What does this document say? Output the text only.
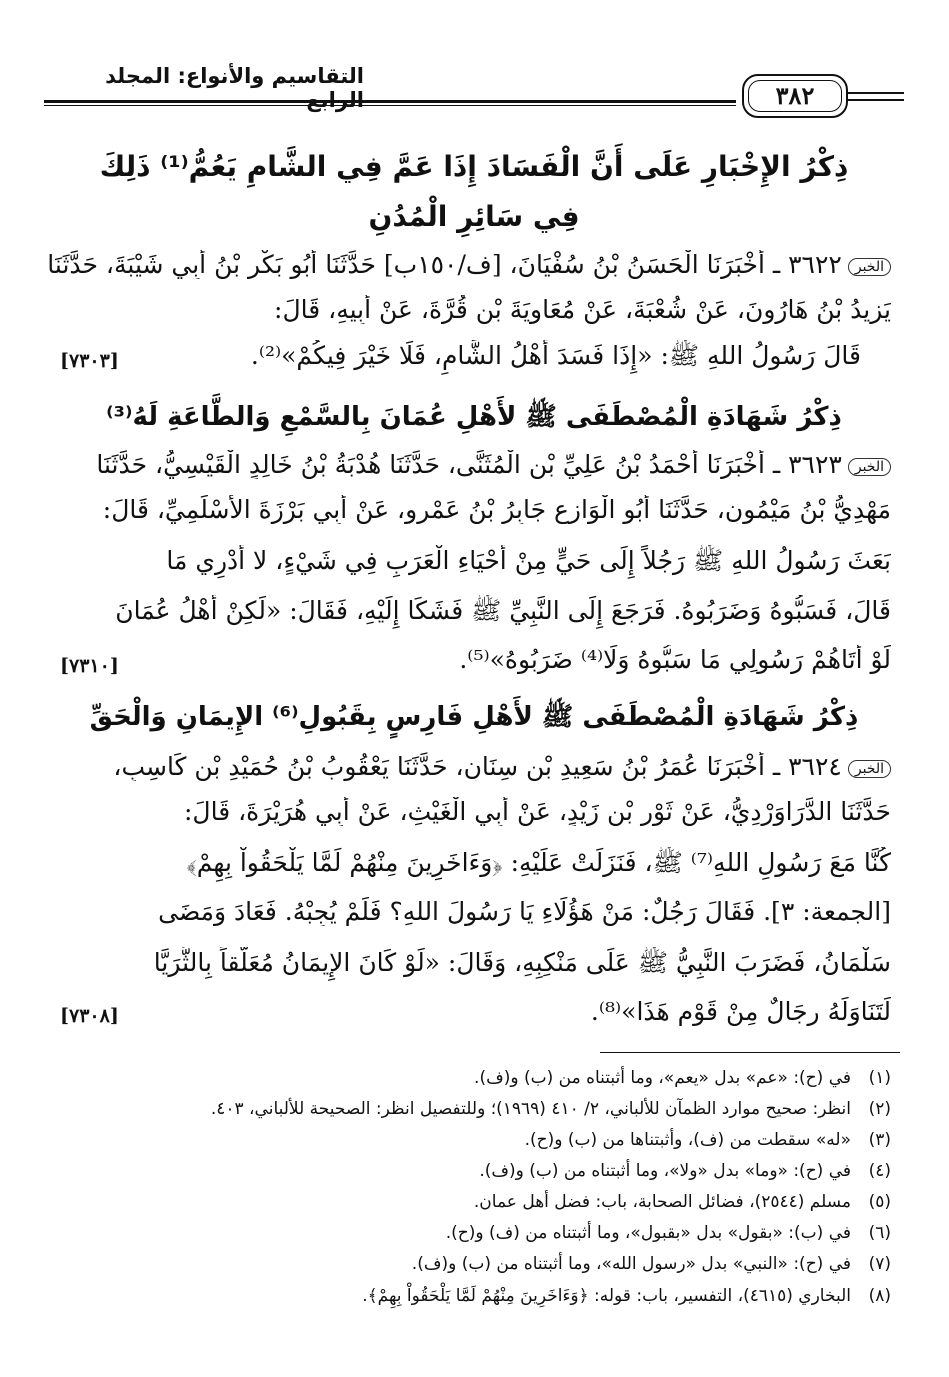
التقاسيم والأنواع: المجلد الرابع	٣٨٢
ذِكْرُ الإِخْبَارِ عَلَى أَنَّ الْفَسَادَ إِذَا عَمَّ فِي الشَّامِ يَعُمُّ⁽¹⁾ ذَلِكَ
فِي سَائِرِ الْمُدُنِ
الخبر٣٦٢٢ ـ أَخْبَرَنَا الْحَسَنُ بْنُ سُفْيَانَ، [ف/١٥٠ب] حَدَّثَنَا أَبُو بَكْرِ بْنُ أَبِي شَيْبَةَ، حَدَّثَنَا
يَزِيدُ بْنُ هَارُونَ، عَنْ شُعْبَةَ، عَنْ مُعَاوِيَةَ بْنِ قُرَّةَ، عَنْ أَبِيهِ، قَالَ:
قَالَ رَسُولُ اللهِ ﷺ: «إِذَا فَسَدَ أَهْلُ الشَّامِ، فَلَا خَيْرَ فِيكُمْ»⁽²⁾.
[٧٣٠٣]
ذِكْرُ شَهَادَةِ الْمُصْطَفَى ﷺ لأَهْلِ عُمَانَ بِالسَّمْعِ وَالطَّاعَةِ لَهُ⁽³⁾
الخبر٣٦٢٣ ـ أَخْبَرَنَا أَحْمَدُ بْنُ عَلِيِّ بْنِ الْمُثَنَّى، حَدَّثَنَا هُدْبَةُ بْنُ خَالِدٍ الْقَيْسِيُّ، حَدَّثَنَا
مَهْدِيُّ بْنُ مَيْمُونٍ، حَدَّثَنَا أَبُو الْوَازِعِ جَابِرُ بْنُ عَمْرٍو، عَنْ أَبِي بَرْزَةَ الأَسْلَمِيِّ، قَالَ:
بَعَثَ رَسُولُ اللهِ ﷺ رَجُلاً إِلَى حَيٍّ مِنْ أَحْيَاءِ الْعَرَبِ فِي شَيْءٍ، لا أَدْرِي مَا
قَالَ، فَسَبُّوهُ وَضَرَبُوهُ. فَرَجَعَ إِلَى النَّبِيِّ ﷺ فَشَكَا إِلَيْهِ، فَقَالَ: «لَكِنْ أَهْلُ عُمَانَ
لَوْ أَتَاهُمْ رَسُولِي مَا سَبُّوهُ وَلَا⁽⁴⁾ ضَرَبُوهُ»⁽⁵⁾.
[٧٣١٠]
ذِكْرُ شَهَادَةِ الْمُصْطَفَى ﷺ لأَهْلِ فَارِسٍ بِقَبُولِ⁽⁶⁾ الإِيمَانِ وَالْحَقِّ
الخبر٣٦٢٤ ـ أَخْبَرَنَا عُمَرُ بْنُ سَعِيدِ بْنِ سِنَانٍ، حَدَّثَنَا يَعْقُوبُ بْنُ حُمَيْدِ بْنِ كَاسِبٍ،
حَدَّثَنَا الدَّرَاوَرْدِيُّ، عَنْ ثَوْرِ بْنِ زَيْدٍ، عَنْ أَبِي الْغَيْثِ، عَنْ أَبِي هُرَيْرَةَ، قَالَ:
كُنَّا مَعَ رَسُولِ اللهِ⁽⁷⁾ ﷺ، فَنَزَلَتْ عَلَيْهِ: ﴿وَءَاخَرِينَ مِنْهُمْ لَمَّا يَلْحَقُواْ بِهِمْ﴾
[الجمعة: ٣]. فَقَالَ رَجُلٌ: مَنْ هَؤُلَاءِ يَا رَسُولَ اللهِ؟ فَلَمْ يُجِبْهُ. فَعَادَ وَمَضَى
سَلْمَانُ، فَضَرَبَ النَّبِيُّ ﷺ عَلَى مَنْكِبِهِ، وَقَالَ: «لَوْ كَانَ الإِيمَانُ مُعَلَّقاً بِالثُّرَيَّا
لَتَنَاوَلَهُ رِجَالٌ مِنْ قَوْمِ هَذَا»⁽⁸⁾.
[٧٣٠٨]
(١)في (ح): «عم» بدل «يعم»، وما أثبتناه من (ب) و(ف).
(٢)انظر: صحيح موارد الظمآن للألباني، ٢/ ٤١٠ (١٩٦٩)؛ وللتفصيل انظر: الصحيحة للألباني، ٤٠٣.
(٣)«له» سقطت من (ف)، وأثبتناها من (ب) و(ح).
(٤)في (ح): «وما» بدل «ولا»، وما أثبتناه من (ب) و(ف).
(٥)مسلم (٢٥٤٤)، فضائل الصحابة، باب: فضل أهل عمان.
(٦)في (ب): «بقول» بدل «بقبول»، وما أثبتناه من (ف) و(ح).
(٧)في (ح): «النبي» بدل «رسول الله»، وما أثبتناه من (ب) و(ف).
(٨)البخاري (٤٦١٥)، التفسير، باب: قوله: ﴿وَءَاخَرِينَ مِنْهُمْ لَمَّا يَلْحَقُواْ بِهِمْ﴾.
